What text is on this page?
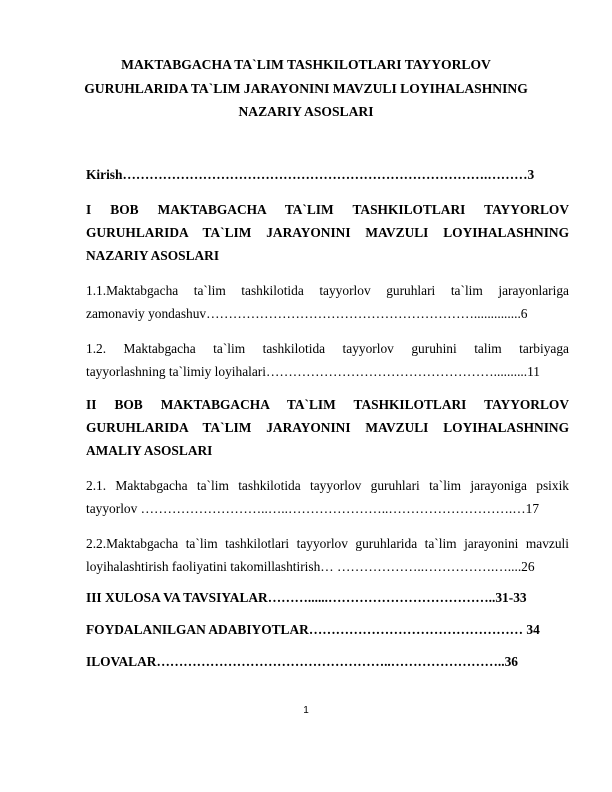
MAKTABGACHA TA`LIM TASHKILOTLARI TAYYORLOV
GURUHLARIDA TA`LIM JARAYONINI MAVZULI LOYIHALASHNING
NAZARIY ASOSLARI
Kirish……………………………………………………………………….………3
I BOB MAKTABGACHA TA`LIM TASHKILOTLARI TAYYORLOV
GURUHLARIDA TA`LIM JARAYONINI MAVZULI LOYIHALASHNING
NAZARIY ASOSLARI
1.1.Maktabgacha ta`lim tashkilotida tayyorlov guruhlari ta`lim jarayonlariga
zamonaviy yondashuv……………………………………………………..............6
1.2. Maktabgacha ta`lim tashkilotida tayyorlov guruhini talim tarbiyaga
tayyorlashning ta`limiy loyihalari……………………………………………..........11
II BOB MAKTABGACHA TA`LIM TASHKILOTLARI TAYYORLOV
GURUHLARIDA TA`LIM JARAYONINI MAVZULI LOYIHALASHNING
AMALIY ASOSLARI
2.1. Maktabgacha ta`lim tashkilotida tayyorlov guruhlari ta`lim jarayoniga psixik
tayyorlov ………………………..…..…………………..……………………….…17
2.2.Maktabgacha ta`lim tashkilotlari tayyorlov guruhlarida ta`lim jarayonini mavzuli
loyihalashtirish faoliyatini takomillashtirish… ………………..…………….…....26
III XULOSA VA TAVSIYALAR………......………………………………..31-33
FOYDALANILGAN ADABIYOTLAR………………………………………… 34
ILOVALAR……………………………………………..……………………..36
1
